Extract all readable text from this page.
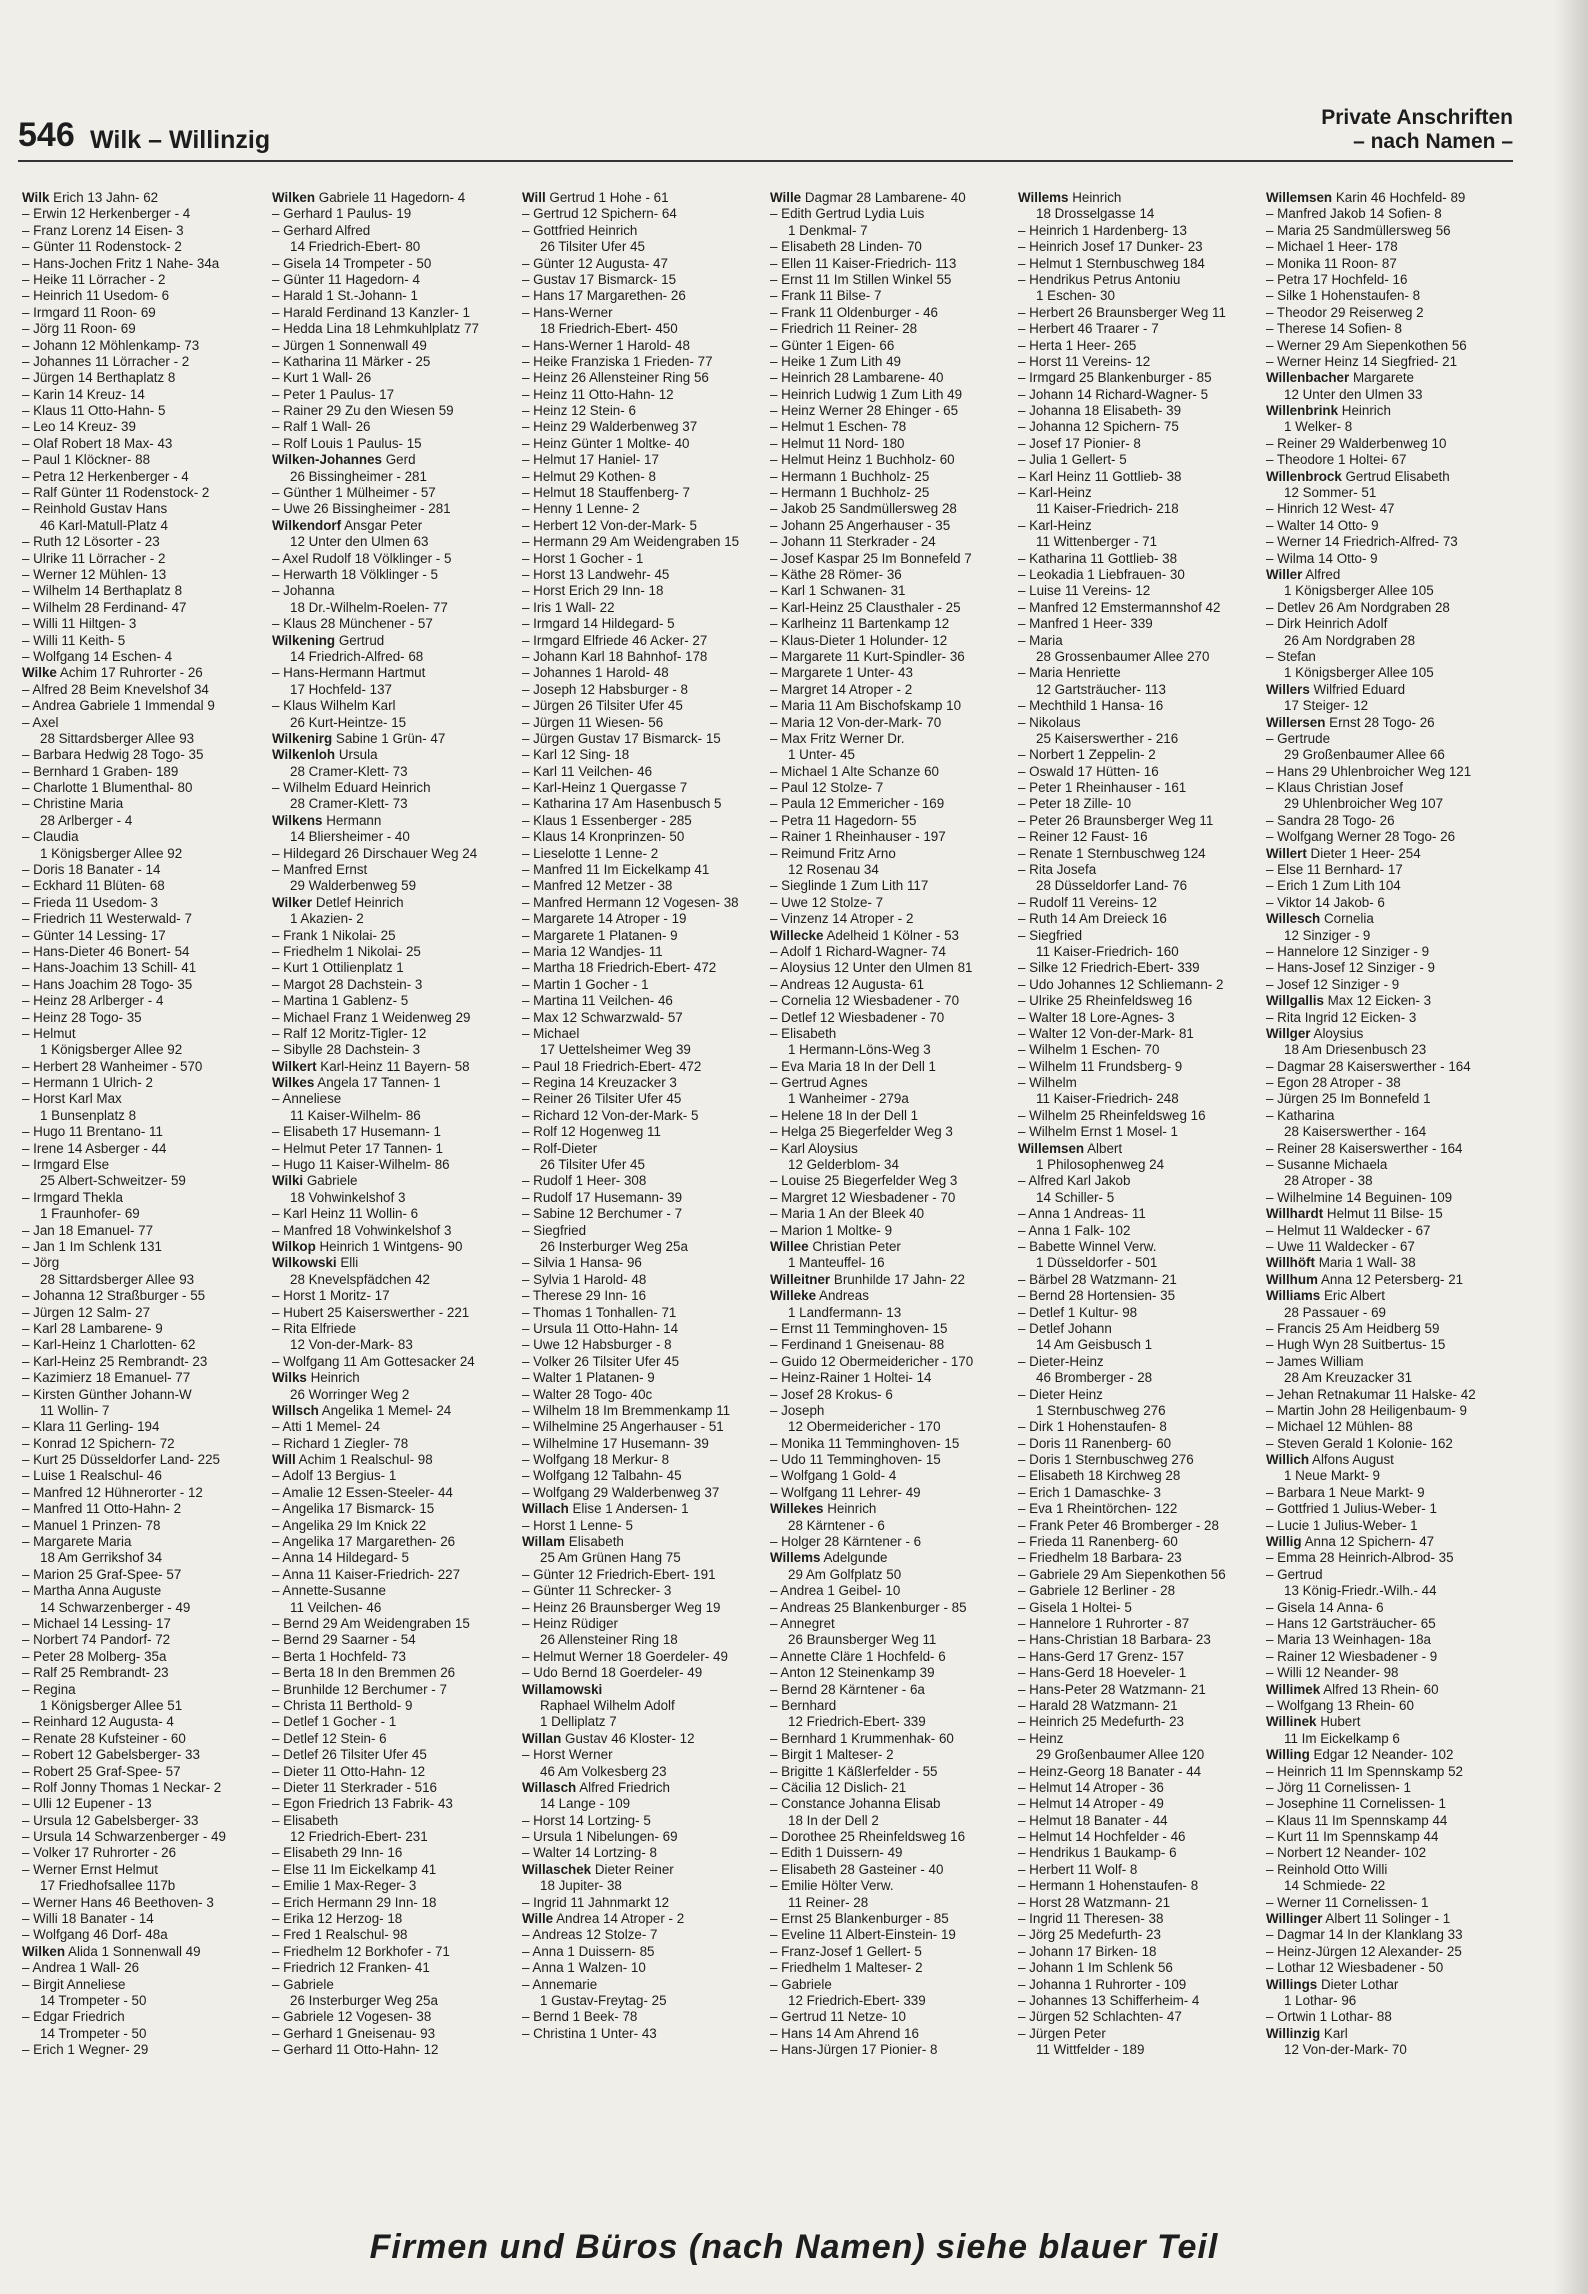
546 Wilk – Willinzig
Private Anschriften
– nach Namen –
Wilk Erich 13 Jahn- 62
– Erwin 12 Herkenberger - 4
– Franz Lorenz 14 Eisen- 3
– Günter 11 Rodenstock- 2
– Hans-Jochen Fritz 1 Nahe- 34a
– Heike 11 Lörracher - 2
– Heinrich 11 Usedom- 6
– Irmgard 11 Roon- 69
– Jörg 11 Roon- 69
– Johann 12 Möhlenkamp- 73
– Johannes 11 Lörracher - 2
– Jürgen 14 Berthaplatz 8
– Karin 14 Kreuz- 14
– Klaus 11 Otto-Hahn- 5
– Leo 14 Kreuz- 39
– Olaf Robert 18 Max- 43
– Paul 1 Klöckner- 88
– Petra 12 Herkenberger - 4
– Ralf Günter 11 Rodenstock- 2
– Reinhold Gustav Hans
46 Karl-Matull-Platz 4
– Ruth 12 Lösorter - 23
– Ulrike 11 Lörracher - 2
– Werner 12 Mühlen- 13
– Wilhelm 14 Berthaplatz 8
– Wilhelm 28 Ferdinand- 47
– Willi 11 Hiltgen- 3
– Willi 11 Keith- 5
– Wolfgang 14 Eschen- 4
Wilke Achim 17 Ruhrorter - 26
– Alfred 28 Beim Knevelshof 34
– Andrea Gabriele 1 Immendal 9
– Axel
28 Sittardsberger Allee 93
– Barbara Hedwig 28 Togo- 35
– Bernhard 1 Graben- 189
– Charlotte 1 Blumenthal- 80
– Christine Maria
28 Arlberger - 4
– Claudia
1 Königsberger Allee 92
– Doris 18 Banater - 14
– Eckhard 11 Blüten- 68
– Frieda 11 Usedom- 3
– Friedrich 11 Westerwald- 7
– Günter 14 Lessing- 17
– Hans-Dieter 46 Bonert- 54
– Hans-Joachim 13 Schill- 41
– Hans Joachim 28 Togo- 35
– Heinz 28 Arlberger - 4
– Heinz 28 Togo- 35
– Helmut
1 Königsberger Allee 92
– Herbert 28 Wanheimer - 570
– Hermann 1 Ulrich- 2
– Horst Karl Max
1 Bunsenplatz 8
– Hugo 11 Brentano- 11
– Irene 14 Asberger - 44
– Irmgard Else
25 Albert-Schweitzer- 59
– Irmgard Thekla
1 Fraunhofer- 69
– Jan 18 Emanuel- 77
– Jan 1 Im Schlenk 131
– Jörg
28 Sittardsberger Allee 93
– Johanna 12 Straßburger - 55
– Jürgen 12 Salm- 27
– Karl 28 Lambarene- 9
– Karl-Heinz 1 Charlotten- 62
– Karl-Heinz 25 Rembrandt- 23
– Kazimierz 18 Emanuel- 77
– Kirsten Günther Johann-W
11 Wollin- 7
– Klara 11 Gerling- 194
– Konrad 12 Spichern- 72
– Kurt 25 Düsseldorfer Land- 225
– Luise 1 Realschul- 46
– Manfred 12 Hühnerorter - 12
– Manfred 11 Otto-Hahn- 2
– Manuel 1 Prinzen- 78
– Margarete Maria
18 Am Gerrikshof 34
– Marion 25 Graf-Spee- 57
– Martha Anna Auguste
14 Schwarzenberger - 49
– Michael 14 Lessing- 17
– Norbert 74 Pandorf- 72
– Peter 28 Molberg- 35a
– Ralf 25 Rembrandt- 23
– Regina
1 Königsberger Allee 51
– Reinhard 12 Augusta- 4
– Renate 28 Kufsteiner - 60
– Robert 12 Gabelsberger- 33
– Robert 25 Graf-Spee- 57
– Rolf Jonny Thomas 1 Neckar- 2
– Ulli 12 Eupener - 13
– Ursula 12 Gabelsberger- 33
– Ursula 14 Schwarzenberger - 49
– Volker 17 Ruhrorter - 26
– Werner Ernst Helmut
17 Friedhofsallee 117b
– Werner Hans 46 Beethoven- 3
– Willi 18 Banater - 14
– Wolfgang 46 Dorf- 48a
Wilken Alida 1 Sonnenwall 49
– Andrea 1 Wall- 26
– Birgit Anneliese
14 Trompeter - 50
– Edgar Friedrich
14 Trompeter - 50
– Erich 1 Wegner- 29
Wilken Gabriele 11 Hagedorn- 4
– Gerhard 1 Paulus- 19
– Gerhard Alfred
14 Friedrich-Ebert- 80
– Gisela 14 Trompeter - 50
– Günter 11 Hagedorn- 4
– Harald 1 St.-Johann- 1
– Harald Ferdinand 13 Kanzler- 1
– Hedda Lina 18 Lehmkuhlplatz 77
– Jürgen 1 Sonnenwall 49
– Katharina 11 Märker - 25
– Kurt 1 Wall- 26
– Peter 1 Paulus- 17
– Rainer 29 Zu den Wiesen 59
– Ralf 1 Wall- 26
– Rolf Louis 1 Paulus- 15
Wilken-Johannes Gerd
26 Bissingheimer - 281
– Günther 1 Mülheimer - 57
– Uwe 26 Bissingheimer - 281
Wilkendorf Ansgar Peter
12 Unter den Ulmen 63
– Axel Rudolf 18 Völklinger - 5
– Herwarth 18 Völklinger - 5
– Johanna
18 Dr.-Wilhelm-Roelen- 77
– Klaus 28 Münchener - 57
Wilkening Gertrud
14 Friedrich-Alfred- 68
– Hans-Hermann Hartmut
17 Hochfeld- 137
– Klaus Wilhelm Karl
26 Kurt-Heintze- 15
Wilkenirg Sabine 1 Grün- 47
Wilkenloh Ursula
28 Cramer-Klett- 73
– Wilhelm Eduard Heinrich
28 Cramer-Klett- 73
Wilkens Hermann
14 Bliersheimer - 40
– Hildegard 26 Dirschauer Weg 24
– Manfred Ernst
29 Walderbenweg 59
Wilker Detlef Heinrich
1 Akazien- 2
– Frank 1 Nikolai- 25
– Friedhelm 1 Nikolai- 25
– Kurt 1 Ottilienplatz 1
– Margot 28 Dachstein- 3
– Martina 1 Gablenz- 5
– Michael Franz 1 Weidenweg 29
– Ralf 12 Moritz-Tigler- 12
– Sibylle 28 Dachstein- 3
Wilkert Karl-Heinz 11 Bayern- 58
Wilkes Angela 17 Tannen- 1
– Anneliese
11 Kaiser-Wilhelm- 86
– Elisabeth 17 Husemann- 1
– Helmut Peter 17 Tannen- 1
– Hugo 11 Kaiser-Wilhelm- 86
Wilki Gabriele
18 Vohwinkelshof 3
– Karl Heinz 11 Wollin- 6
– Manfred 18 Vohwinkelshof 3
Wilkop Heinrich 1 Wintgens- 90
Wilkowski Elli
28 Knevelspfädchen 42
– Horst 1 Moritz- 17
– Hubert 25 Kaiserswerther - 221
– Rita Elfriede
12 Von-der-Mark- 83
– Wolfgang 11 Am Gottesacker 24
Wilks Heinrich
26 Worringer Weg 2
Willsch Angelika 1 Memel- 24
– Atti 1 Memel- 24
– Richard 1 Ziegler- 78
Will Achim 1 Realschul- 98
– Adolf 13 Bergius- 1
– Amalie 12 Essen-Steeler- 44
– Angelika 17 Bismarck- 15
– Angelika 29 Im Knick 22
– Angelika 17 Margarethen- 26
– Anna 14 Hildegard- 5
– Anna 11 Kaiser-Friedrich- 227
– Annette-Susanne
11 Veilchen- 46
– Bernd 29 Am Weidengraben 15
– Bernd 29 Saarner - 54
– Berta 1 Hochfeld- 73
– Berta 18 In den Bremmen 26
– Brunhilde 12 Berchumer - 7
– Christa 11 Berthold- 9
– Detlef 1 Gocher - 1
– Detlef 12 Stein- 6
– Detlef 26 Tilsiter Ufer 45
– Dieter 11 Otto-Hahn- 12
– Dieter 11 Sterkrader - 516
– Egon Friedrich 13 Fabrik- 43
– Elisabeth
12 Friedrich-Ebert- 231
– Elisabeth 29 Inn- 16
– Else 11 Im Eickelkamp 41
– Emilie 1 Max-Reger- 3
– Erich Hermann 29 Inn- 18
– Erika 12 Herzog- 18
– Fred 1 Realschul- 98
– Friedhelm 12 Borkhofer - 71
– Friedrich 12 Franken- 41
– Gabriele
26 Insterburger Weg 25a
– Gabriele 12 Vogesen- 38
– Gerhard 1 Gneisenau- 93
– Gerhard 11 Otto-Hahn- 12
Will Gertrud 1 Hohe - 61
– Gertrud 12 Spichern- 64
– Gottfried Heinrich
26 Tilsiter Ufer 45
– Günter 12 Augusta- 47
– Gustav 17 Bismarck- 15
– Hans 17 Margarethen- 26
– Hans-Werner
18 Friedrich-Ebert- 450
– Hans-Werner 1 Harold- 48
– Heike Franziska 1 Frieden- 77
– Heinz 26 Allensteiner Ring 56
– Heinz 11 Otto-Hahn- 12
– Heinz 12 Stein- 6
– Heinz 29 Walderbenweg 37
– Heinz Günter 1 Moltke- 40
– Helmut 17 Haniel- 17
– Helmut 29 Kothen- 8
– Helmut 18 Stauffenberg- 7
– Henny 1 Lenne- 2
– Herbert 12 Von-der-Mark- 5
– Hermann 29 Am Weidengraben 15
– Horst 1 Gocher - 1
– Horst 13 Landwehr- 45
– Horst Erich 29 Inn- 18
– Iris 1 Wall- 22
– Irmgard 14 Hildegard- 5
– Irmgard Elfriede 46 Acker- 27
– Johann Karl 18 Bahnhof- 178
– Johannes 1 Harold- 48
– Joseph 12 Habsburger - 8
– Jürgen 26 Tilsiter Ufer 45
– Jürgen 11 Wiesen- 56
– Jürgen Gustav 17 Bismarck- 15
– Karl 12 Sing- 18
– Karl 11 Veilchen- 46
– Karl-Heinz 1 Quergasse 7
– Katharina 17 Am Hasenbusch 5
– Klaus 1 Essenberger - 285
– Klaus 14 Kronprinzen- 50
– Lieselotte 1 Lenne- 2
– Manfred 11 Im Eickelkamp 41
– Manfred 12 Metzer - 38
– Manfred Hermann 12 Vogesen- 38
– Margarete 14 Atroper - 19
– Margarete 1 Platanen- 9
– Maria 12 Wandjes- 11
– Martha 18 Friedrich-Ebert- 472
– Martin 1 Gocher - 1
– Martina 11 Veilchen- 46
– Max 12 Schwarzwald- 57
– Michael
17 Uettelsheimer Weg 39
– Paul 18 Friedrich-Ebert- 472
– Regina 14 Kreuzacker 3
– Reiner 26 Tilsiter Ufer 45
– Richard 12 Von-der-Mark- 5
– Rolf 12 Hogenweg 11
– Rolf-Dieter
26 Tilsiter Ufer 45
– Rudolf 1 Heer- 308
– Rudolf 17 Husemann- 39
– Sabine 12 Berchumer - 7
– Siegfried
26 Insterburger Weg 25a
– Silvia 1 Hansa- 96
– Sylvia 1 Harold- 48
– Therese 29 Inn- 16
– Thomas 1 Tonhallen- 71
– Ursula 11 Otto-Hahn- 14
– Uwe 12 Habsburger - 8
– Volker 26 Tilsiter Ufer 45
– Walter 1 Platanen- 9
– Walter 28 Togo- 40c
– Wilhelm 18 Im Bremmenkamp 11
– Wilhelmine 25 Angerhauser - 51
– Wilhelmine 17 Husemann- 39
– Wolfgang 18 Merkur- 8
– Wolfgang 12 Talbahn- 45
– Wolfgang 29 Walderbenweg 37
Willach Elise 1 Andersen- 1
– Horst 1 Lenne- 5
Willam Elisabeth
25 Am Grünen Hang 75
– Günter 12 Friedrich-Ebert- 191
– Günter 11 Schrecker- 3
– Heinz 26 Braunsberger Weg 19
– Heinz Rüdiger
26 Allensteiner Ring 18
– Helmut Werner 18 Goerdeler- 49
– Udo Bernd 18 Goerdeler- 49
Willamowski
Raphael Wilhelm Adolf
1 Delliplatz 7
Willan Gustav 46 Kloster- 12
– Horst Werner
46 Am Volkesberg 23
Willasch Alfred Friedrich
14 Lange - 109
– Horst 14 Lortzing- 5
– Ursula 1 Nibelungen- 69
– Walter 14 Lortzing- 8
Willaschek Dieter Reiner
18 Jupiter- 38
– Ingrid 11 Jahnmarkt 12
Wille Andrea 14 Atroper - 2
– Andreas 12 Stolze- 7
– Anna 1 Duissern- 85
– Anna 1 Walzen- 10
– Annemarie
1 Gustav-Freytag- 25
– Bernd 1 Beek- 78
– Christina 1 Unter- 43
Wille Dagmar 28 Lambarene- 40
– Edith Gertrud Lydia Luis
1 Denkmal- 7
– Elisabeth 28 Linden- 70
– Ellen 11 Kaiser-Friedrich- 113
– Ernst 11 Im Stillen Winkel 55
– Frank 11 Bilse- 7
– Frank 11 Oldenburger - 46
– Friedrich 11 Reiner- 28
– Günter 1 Eigen- 66
– Heike 1 Zum Lith 49
– Heinrich 28 Lambarene- 40
– Heinrich Ludwig 1 Zum Lith 49
– Heinz Werner 28 Ehinger - 65
– Helmut 1 Eschen- 78
– Helmut 11 Nord- 180
– Helmut Heinz 1 Buchholz- 60
– Hermann 1 Buchholz- 25
– Hermann 1 Buchholz- 25
– Jakob 25 Sandmüllersweg 28
– Johann 25 Angerhauser - 35
– Johann 11 Sterkrader - 24
– Josef Kaspar 25 Im Bonnefeld 7
– Käthe 28 Römer- 36
– Karl 1 Schwanen- 31
– Karl-Heinz 25 Clausthaler - 25
– Karlheinz 11 Bartenkamp 12
– Klaus-Dieter 1 Holunder- 12
– Margarete 11 Kurt-Spindler- 36
– Margarete 1 Unter- 43
– Margret 14 Atroper - 2
– Maria 11 Am Bischofskamp 10
– Maria 12 Von-der-Mark- 70
– Max Fritz Werner Dr.
1 Unter- 45
– Michael 1 Alte Schanze 60
– Paul 12 Stolze- 7
– Paula 12 Emmericher - 169
– Petra 11 Hagedorn- 55
– Rainer 1 Rheinhauser - 197
– Reimund Fritz Arno
12 Rosenau 34
– Sieglinde 1 Zum Lith 117
– Uwe 12 Stolze- 7
– Vinzenz 14 Atroper - 2
Willecke Adelheid 1 Kölner - 53
– Adolf 1 Richard-Wagner- 74
– Aloysius 12 Unter den Ulmen 81
– Andreas 12 Augusta- 61
– Cornelia 12 Wiesbadener - 70
– Detlef 12 Wiesbadener - 70
– Elisabeth
1 Hermann-Löns-Weg 3
– Eva Maria 18 In der Dell 1
– Gertrud Agnes
1 Wanheimer - 279a
– Helene 18 In der Dell 1
– Helga 25 Biegerfelder Weg 3
– Karl Aloysius
12 Gelderblom- 34
– Louise 25 Biegerfelder Weg 3
– Margret 12 Wiesbadener - 70
– Maria 1 An der Bleek 40
– Marion 1 Moltke- 9
Willee Christian Peter
1 Manteuffel- 16
Willeitner Brunhilde 17 Jahn- 22
Willeke Andreas
1 Landfermann- 13
– Ernst 11 Temminghoven- 15
– Ferdinand 1 Gneisenau- 88
– Guido 12 Obermeidericher - 170
– Heinz-Rainer 1 Holtei- 14
– Josef 28 Krokus- 6
– Joseph
12 Obermeidericher - 170
– Monika 11 Temminghoven- 15
– Udo 11 Temminghoven- 15
– Wolfgang 1 Gold- 4
– Wolfgang 11 Lehrer- 49
Willekes Heinrich
28 Kärntener - 6
– Holger 28 Kärntener - 6
Willems Adelgunde
29 Am Golfplatz 50
– Andrea 1 Geibel- 10
– Andreas 25 Blankenburger - 85
– Annegret
26 Braunsberger Weg 11
– Annette Cläre 1 Hochfeld- 6
– Anton 12 Steinenkamp 39
– Bernd 28 Kärntener - 6a
– Bernhard
12 Friedrich-Ebert- 339
– Bernhard 1 Krummenhak- 60
– Birgit 1 Malteser- 2
– Brigitte 1 Käßlerfelder - 55
– Cäcilia 12 Dislich- 21
– Constance Johanna Elisab
18 In der Dell 2
– Dorothee 25 Rheinfeldsweg 16
– Edith 1 Duissern- 49
– Elisabeth 28 Gasteiner - 40
– Emilie Hölter Verw.
11 Reiner- 28
– Ernst 25 Blankenburger - 85
– Eveline 11 Albert-Einstein- 19
– Franz-Josef 1 Gellert- 5
– Friedhelm 1 Malteser- 2
– Gabriele
12 Friedrich-Ebert- 339
– Gertrud 11 Netze- 10
– Hans 14 Am Ahrend 16
– Hans-Jürgen 17 Pionier- 8
Willems Heinrich
18 Drosselgasse 14
– Heinrich 1 Hardenberg- 13
– Heinrich Josef 17 Dunker- 23
– Helmut 1 Sternbuschweg 184
– Hendrikus Petrus Antoniu
1 Eschen- 30
– Herbert 26 Braunsberger Weg 11
– Herbert 46 Traarer - 7
– Herta 1 Heer- 265
– Horst 11 Vereins- 12
– Irmgard 25 Blankenburger - 85
– Johann 14 Richard-Wagner- 5
– Johanna 18 Elisabeth- 39
– Johanna 12 Spichern- 75
– Josef 17 Pionier- 8
– Julia 1 Gellert- 5
– Karl Heinz 11 Gottlieb- 38
– Karl-Heinz
11 Kaiser-Friedrich- 218
– Karl-Heinz
11 Wittenberger - 71
– Katharina 11 Gottlieb- 38
– Leokadia 1 Liebfrauen- 30
– Luise 11 Vereins- 12
– Manfred 12 Emstermannshof 42
– Manfred 1 Heer- 339
– Maria
28 Grossenbaumer Allee 270
– Maria Henriette
12 Gartsträucher- 113
– Mechthild 1 Hansa- 16
– Nikolaus
25 Kaiserswerther - 216
– Norbert 1 Zeppelin- 2
– Oswald 17 Hütten- 16
– Peter 1 Rheinhauser - 161
– Peter 18 Zille- 10
– Peter 26 Braunsberger Weg 11
– Reiner 12 Faust- 16
– Renate 1 Sternbuschweg 124
– Rita Josefa
28 Düsseldorfer Land- 76
– Rudolf 11 Vereins- 12
– Ruth 14 Am Dreieck 16
– Siegfried
11 Kaiser-Friedrich- 160
– Silke 12 Friedrich-Ebert- 339
– Udo Johannes 12 Schliemann- 2
– Ulrike 25 Rheinfeldsweg 16
– Walter 18 Lore-Agnes- 3
– Walter 12 Von-der-Mark- 81
– Wilhelm 1 Eschen- 70
– Wilhelm 11 Frundsberg- 9
– Wilhelm
11 Kaiser-Friedrich- 248
– Wilhelm 25 Rheinfeldsweg 16
– Wilhelm Ernst 1 Mosel- 1
Willemsen Albert
1 Philosophenweg 24
– Alfred Karl Jakob
14 Schiller- 5
– Anna 1 Andreas- 11
– Anna 1 Falk- 102
– Babette Winnel Verw.
1 Düsseldorfer - 501
– Bärbel 28 Watzmann- 21
– Bernd 28 Hortensien- 35
– Detlef 1 Kultur- 98
– Detlef Johann
14 Am Geisbusch 1
– Dieter-Heinz
46 Bromberger - 28
– Dieter Heinz
1 Sternbuschweg 276
– Dirk 1 Hohenstaufen- 8
– Doris 11 Ranenberg- 60
– Doris 1 Sternbuschweg 276
– Elisabeth 18 Kirchweg 28
– Erich 1 Damaschke- 3
– Eva 1 Rheintörchen- 122
– Frank Peter 46 Bromberger - 28
– Frieda 11 Ranenberg- 60
– Friedhelm 18 Barbara- 23
– Gabriele 29 Am Siepenkothen 56
– Gabriele 12 Berliner - 28
– Gisela 1 Holtei- 5
– Hannelore 1 Ruhrorter - 87
– Hans-Christian 18 Barbara- 23
– Hans-Gerd 17 Grenz- 157
– Hans-Gerd 18 Hoeveler- 1
– Hans-Peter 28 Watzmann- 21
– Harald 28 Watzmann- 21
– Heinrich 25 Medefurth- 23
– Heinz
29 Großenbaumer Allee 120
– Heinz-Georg 18 Banater - 44
– Helmut 14 Atroper - 36
– Helmut 14 Atroper - 49
– Helmut 18 Banater - 44
– Helmut 14 Hochfelder - 46
– Hendrikus 1 Baukamp- 6
– Herbert 11 Wolf- 8
– Hermann 1 Hohenstaufen- 8
– Horst 28 Watzmann- 21
– Ingrid 11 Theresen- 38
– Jörg 25 Medefurth- 23
– Johann 17 Birken- 18
– Johann 1 Im Schlenk 56
– Johanna 1 Ruhrorter - 109
– Johannes 13 Schifferheim- 4
– Jürgen 52 Schlachten- 47
– Jürgen Peter
11 Wittfelder - 189
Willemsen Karin 46 Hochfeld- 89
– Manfred Jakob 14 Sofien- 8
– Maria 25 Sandmüllersweg 56
– Michael 1 Heer- 178
– Monika 11 Roon- 87
– Petra 17 Hochfeld- 16
– Silke 1 Hohenstaufen- 8
– Theodor 29 Reiserweg 2
– Therese 14 Sofien- 8
– Werner 29 Am Siepenkothen 56
– Werner Heinz 14 Siegfried- 21
Willenbacher Margarete
12 Unter den Ulmen 33
Willenbrink Heinrich
1 Welker- 8
– Reiner 29 Walderbenweg 10
– Theodore 1 Holtei- 67
Willenbrock Gertrud Elisabeth
12 Sommer- 51
– Hinrich 12 West- 47
– Walter 14 Otto- 9
– Werner 14 Friedrich-Alfred- 73
– Wilma 14 Otto- 9
Willer Alfred
1 Königsberger Allee 105
– Detlev 26 Am Nordgraben 28
– Dirk Heinrich Adolf
26 Am Nordgraben 28
– Stefan
1 Königsberger Allee 105
Willers Wilfried Eduard
17 Steiger- 12
Willersen Ernst 28 Togo- 26
– Gertrude
29 Großenbaumer Allee 66
– Hans 29 Uhlenbroicher Weg 121
– Klaus Christian Josef
29 Uhlenbroicher Weg 107
– Sandra 28 Togo- 26
– Wolfgang Werner 28 Togo- 26
Willert Dieter 1 Heer- 254
– Else 11 Bernhard- 17
– Erich 1 Zum Lith 104
– Viktor 14 Jakob- 6
Willesch Cornelia
12 Sinziger - 9
– Hannelore 12 Sinziger - 9
– Hans-Josef 12 Sinziger - 9
– Josef 12 Sinziger - 9
Willgallis Max 12 Eicken- 3
– Rita Ingrid 12 Eicken- 3
Willger Aloysius
18 Am Driesenbusch 23
– Dagmar 28 Kaiserswerther - 164
– Egon 28 Atroper - 38
– Jürgen 25 Im Bonnefeld 1
– Katharina
28 Kaiserswerther - 164
– Reiner 28 Kaiserswerther - 164
– Susanne Michaela
28 Atroper - 38
– Wilhelmine 14 Beguinen- 109
Willhardt Helmut 11 Bilse- 15
– Helmut 11 Waldecker - 67
– Uwe 11 Waldecker - 67
Willhöft Maria 1 Wall- 38
Willhum Anna 12 Petersberg- 21
Williams Eric Albert
28 Passauer - 69
– Francis 25 Am Heidberg 59
– Hugh Wyn 28 Suitbertus- 15
– James William
28 Am Kreuzacker 31
– Jehan Retnakumar 11 Halske- 42
– Martin John 28 Heiligenbaum- 9
– Michael 12 Mühlen- 88
– Steven Gerald 1 Kolonie- 162
Willich Alfons August
1 Neue Markt- 9
– Barbara 1 Neue Markt- 9
– Gottfried 1 Julius-Weber- 1
– Lucie 1 Julius-Weber- 1
Willig Anna 12 Spichern- 47
– Emma 28 Heinrich-Albrod- 35
– Gertrud
13 König-Friedr.-Wilh.- 44
– Gisela 14 Anna- 6
– Hans 12 Gartsträucher- 65
– Maria 13 Weinhagen- 18a
– Rainer 12 Wiesbadener - 9
– Willi 12 Neander- 98
Willimek Alfred 13 Rhein- 60
– Wolfgang 13 Rhein- 60
Willinek Hubert
11 Im Eickelkamp 6
Willing Edgar 12 Neander- 102
– Heinrich 11 Im Spennskamp 52
– Jörg 11 Cornelissen- 1
– Josephine 11 Cornelissen- 1
– Klaus 11 Im Spennskamp 44
– Kurt 11 Im Spennskamp 44
– Norbert 12 Neander- 102
– Reinhold Otto Willi
14 Schmiede- 22
– Werner 11 Cornelissen- 1
Willinger Albert 11 Solinger - 1
– Dagmar 14 In der Klanklang 33
– Heinz-Jürgen 12 Alexander- 25
– Lothar 12 Wiesbadener - 50
Willings Dieter Lothar
1 Lothar- 96
– Ortwin 1 Lothar- 88
Willinzig Karl
12 Von-der-Mark- 70
Firmen und Büros (nach Namen) siehe blauer Teil
